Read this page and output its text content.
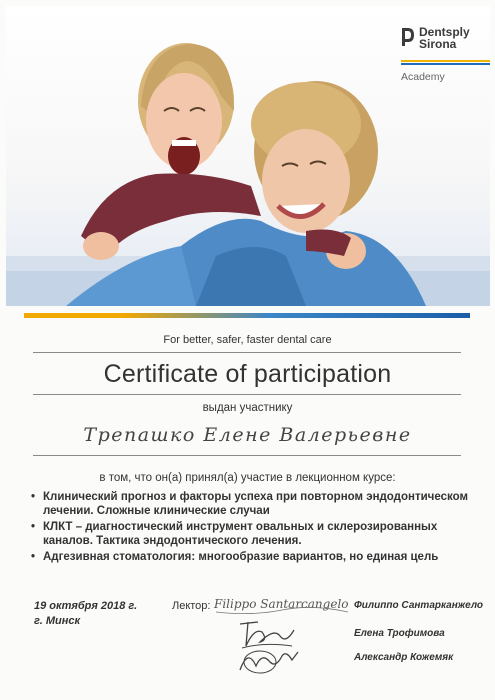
Dentsply
Sirona
Academy
For better, safer, faster dental care
Certificate of participation
выдан участнику
Трепашко Елене Валерьевне
в том, что он(а) принял(а) участие в лекционном курсе:
• Клинический прогноз и факторы успеха при повторном эндодонтическом лечении. Сложные клинические случаи
• КЛКТ – диагностический инструмент овальных и склерозированных каналов. Тактика эндодонтического лечения.
• Адгезивная стоматология: многообразие вариантов, но единая цель
19 октября 2018 г.
г. Минск
Лектор: Filippo Santarcangelo Филиппо Сантарканжело
Елена Трофимова
Александр Кожемяк
